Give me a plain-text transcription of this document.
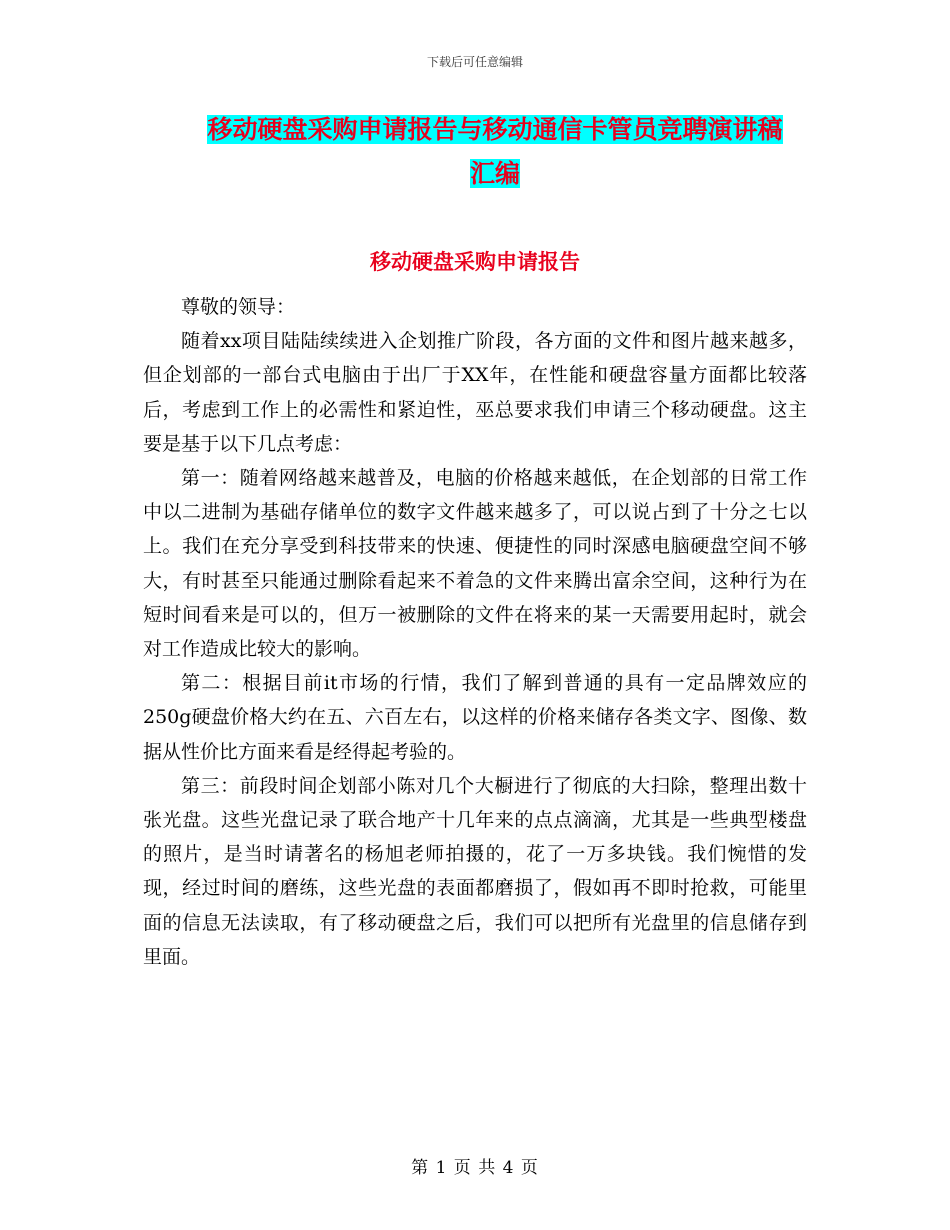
下载后可任意编辑
移动硬盘采购申请报告与移动通信卡管员竞聘演讲稿
汇编
移动硬盘采购申请报告

尊敬的领导：

随着xx项目陆陆续续进入企划推广阶段，各方面的文件和图片越来越多，但企划部的一部台式电脑由于出厂于XX年，在性能和硬盘容量方面都比较落后，考虑到工作上的必需性和紧迫性，巫总要求我们申请三个移动硬盘。这主要是基于以下几点考虑：

第一：随着网络越来越普及，电脑的价格越来越低，在企划部的日常工作中以二进制为基础存储单位的数字文件越来越多了，可以说占到了十分之七以上。我们在充分享受到科技带来的快速、便捷性的同时深感电脑硬盘空间不够大，有时甚至只能通过删除看起来不着急的文件来腾出富余空间，这种行为在短时间看来是可以的，但万一被删除的文件在将来的某一天需要用起时，就会对工作造成比较大的影响。

第二：根据目前it市场的行情，我们了解到普通的具有一定品牌效应的250g硬盘价格大约在五、六百左右，以这样的价格来储存各类文字、图像、数据从性价比方面来看是经得起考验的。

第三：前段时间企划部小陈对几个大橱进行了彻底的大扫除，整理出数十张光盘。这些光盘记录了联合地产十几年来的点点滴滴，尤其是一些典型楼盘的照片，是当时请著名的杨旭老师拍摄的，花了一万多块钱。我们惋惜的发现，经过时间的磨练，这些光盘的表面都磨损了，假如再不即时抢救，可能里面的信息无法读取，有了移动硬盘之后，我们可以把所有光盘里的信息储存到里面。

第 1 页 共 4 页
